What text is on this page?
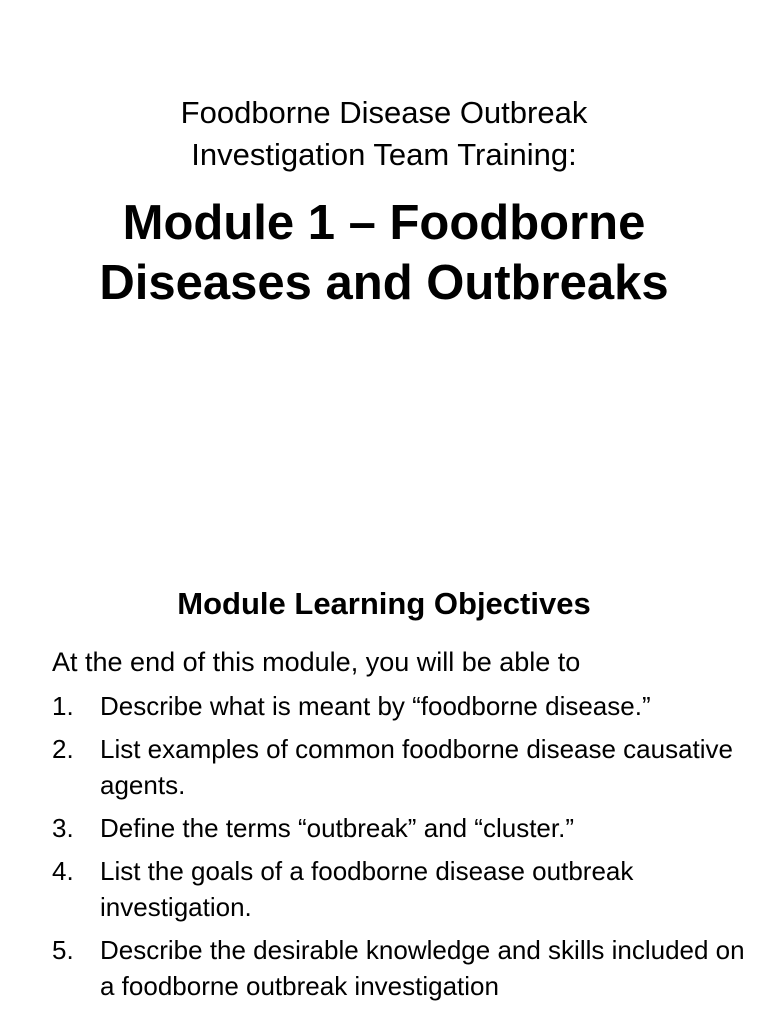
Foodborne Disease Outbreak
Investigation Team Training:
Module 1 – Foodborne
Diseases and Outbreaks
Module Learning Objectives
At the end of this module, you will be able to
1. Describe what is meant by “foodborne disease.”
2. List examples of common foodborne disease causative agents.
3. Define the terms “outbreak” and “cluster.”
4. List the goals of a foodborne disease outbreak investigation.
5. Describe the desirable knowledge and skills included on a foodborne outbreak investigation
